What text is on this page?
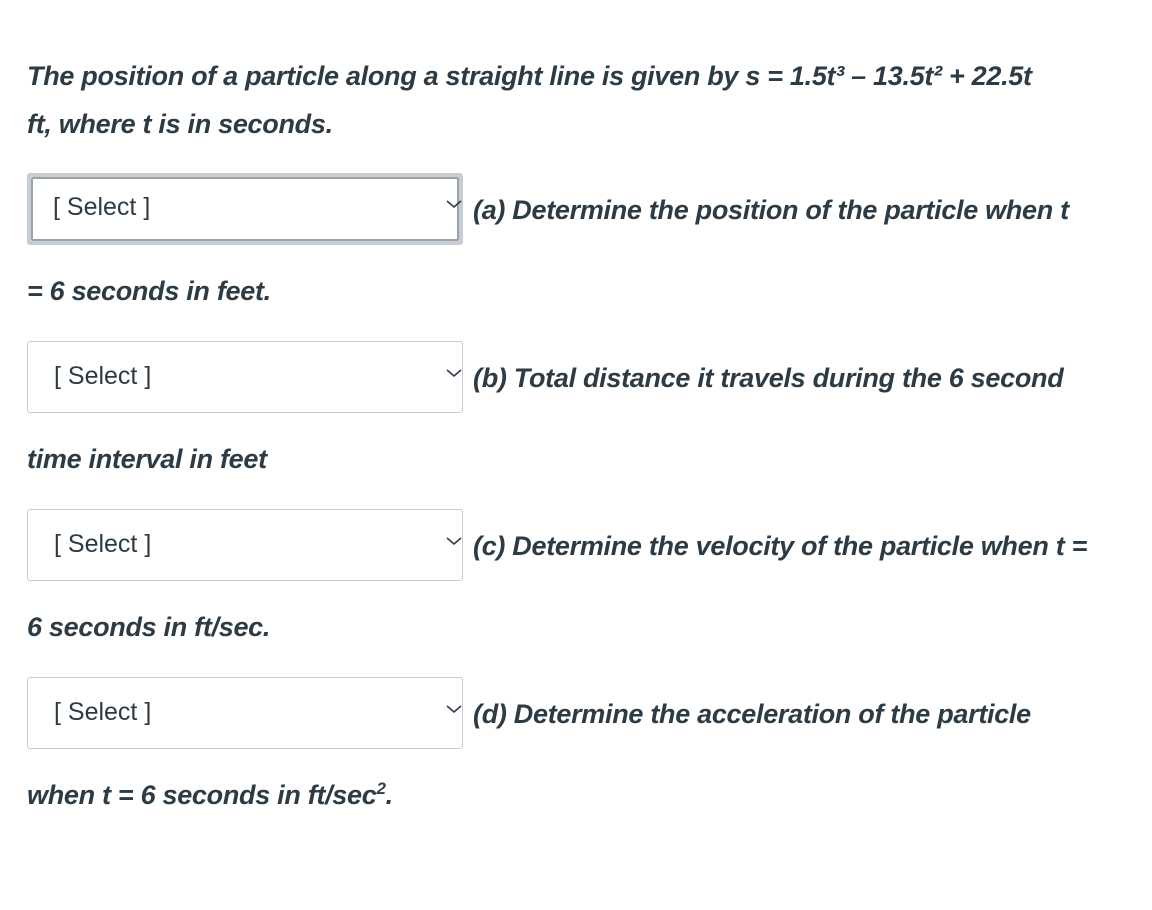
The position of a particle along a straight line is given by s = 1.5t³ – 13.5t² + 22.5t

ft, where t is in seconds.

[ Select ]	(a) Determine the position of the particle when t
= 6 seconds in feet.
[ Select ]	(b) Total distance it travels during the 6 second
time interval in feet
[ Select ]	(c) Determine the velocity of the particle when t =
6 seconds in ft/sec.
[ Select ]	(d) Determine the acceleration of the particle
when t = 6 seconds in $ft/\sec^2$.
